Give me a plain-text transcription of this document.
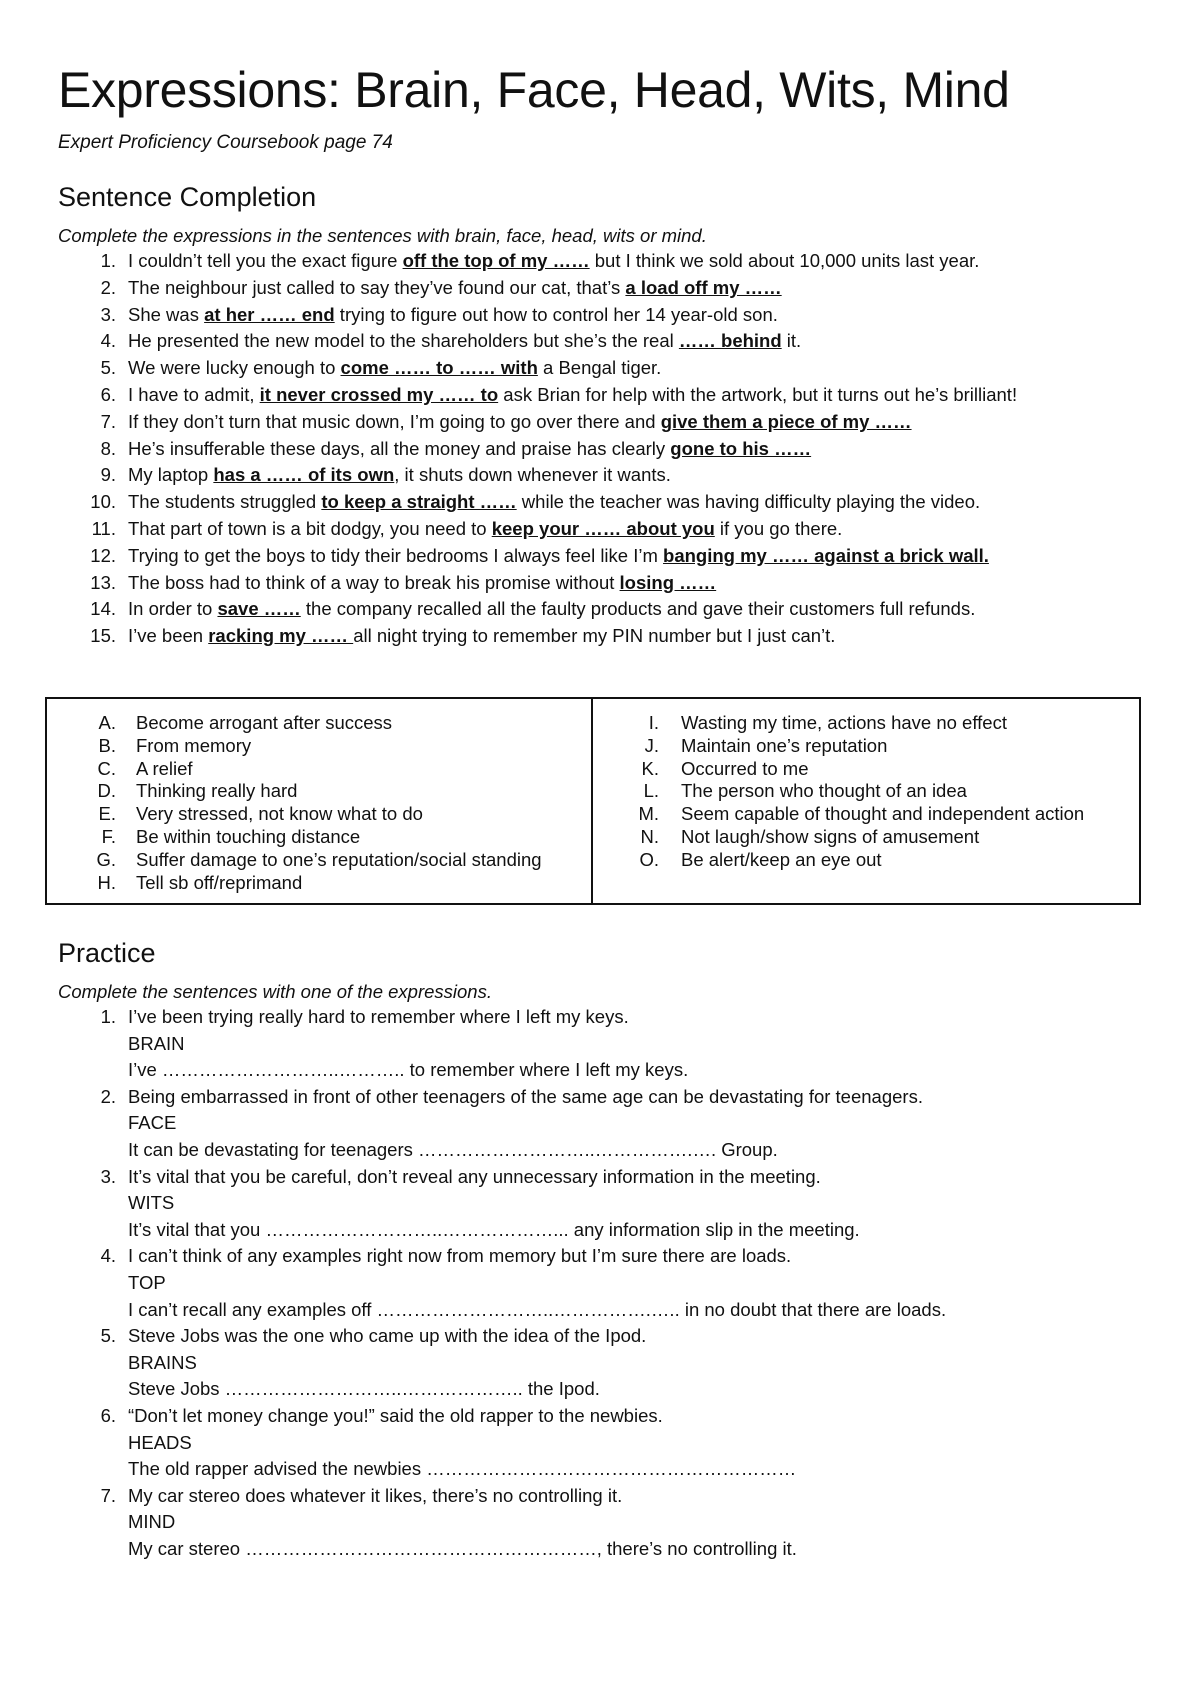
Expressions: Brain, Face, Head, Wits, Mind
Expert Proficiency Coursebook page 74
Sentence Completion
Complete the expressions in the sentences with brain, face, head, wits or mind.
1. I couldn’t tell you the exact figure off the top of my …… but I think we sold about 10,000 units last year.
2. The neighbour just called to say they’ve found our cat, that’s a load off my ……
3. She was at her …… end trying to figure out how to control her 14 year-old son.
4. He presented the new model to the shareholders but she’s the real …… behind it.
5. We were lucky enough to come …… to …… with a Bengal tiger.
6. I have to admit, it never crossed my …… to ask Brian for help with the artwork, but it turns out he’s brilliant!
7. If they don’t turn that music down, I’m going to go over there and give them a piece of my ……
8. He’s insufferable these days, all the money and praise has clearly gone to his ……
9. My laptop has a …… of its own, it shuts down whenever it wants.
10. The students struggled to keep a straight …… while the teacher was having difficulty playing the video.
11. That part of town is a bit dodgy, you need to keep your …… about you if you go there.
12. Trying to get the boys to tidy their bedrooms I always feel like I’m banging my …… against a brick wall.
13. The boss had to think of a way to break his promise without losing ……
14. In order to save …… the company recalled all the faulty products and gave their customers full refunds.
15. I’ve been racking my …… all night trying to remember my PIN number but I just can’t.
A.	Become arrogant after success
B.	From memory
C.	A relief
D.	Thinking really hard
E.	Very stressed, not know what to do
F.	Be within touching distance
G.	Suffer damage to one’s reputation/social standing
H.	Tell sb off/reprimand
I.	Wasting my time, actions have no effect
J.	Maintain one’s reputation
K.	Occurred to me
L.	The person who thought of an idea
M.	Seem capable of thought and independent action
N.	Not laugh/show signs of amusement
O.	Be alert/keep an eye out
Practice
Complete the sentences with one of the expressions.
1. I’ve been trying really hard to remember where I left my keys.
BRAIN
I’ve ………………………..……….. to remember where I left my keys.
2. Being embarrassed in front of other teenagers of the same age can be devastating for teenagers.
FACE
It can be devastating for teenagers ………………………..…………….…. Group.
3. It’s vital that you be careful, don’t reveal any unnecessary information in the meeting.
WITS
It’s vital that you ………………………..………………... any information slip in the meeting.
4. I can’t think of any examples right now from memory but I’m sure there are loads.
TOP
I can’t recall any examples off ………………………..…………….….. in no doubt that there are loads.
5. Steve Jobs was the one who came up with the idea of the Ipod.
BRAINS
Steve Jobs ………………………..……………….. the Ipod.
6. “Don’t let money change you!” said the old rapper to the newbies.
HEADS
The old rapper advised the newbies ……………………………………………………
7. My car stereo does whatever it likes, there’s no controlling it.
MIND
My car stereo …………………………………………………, there’s no controlling it.
